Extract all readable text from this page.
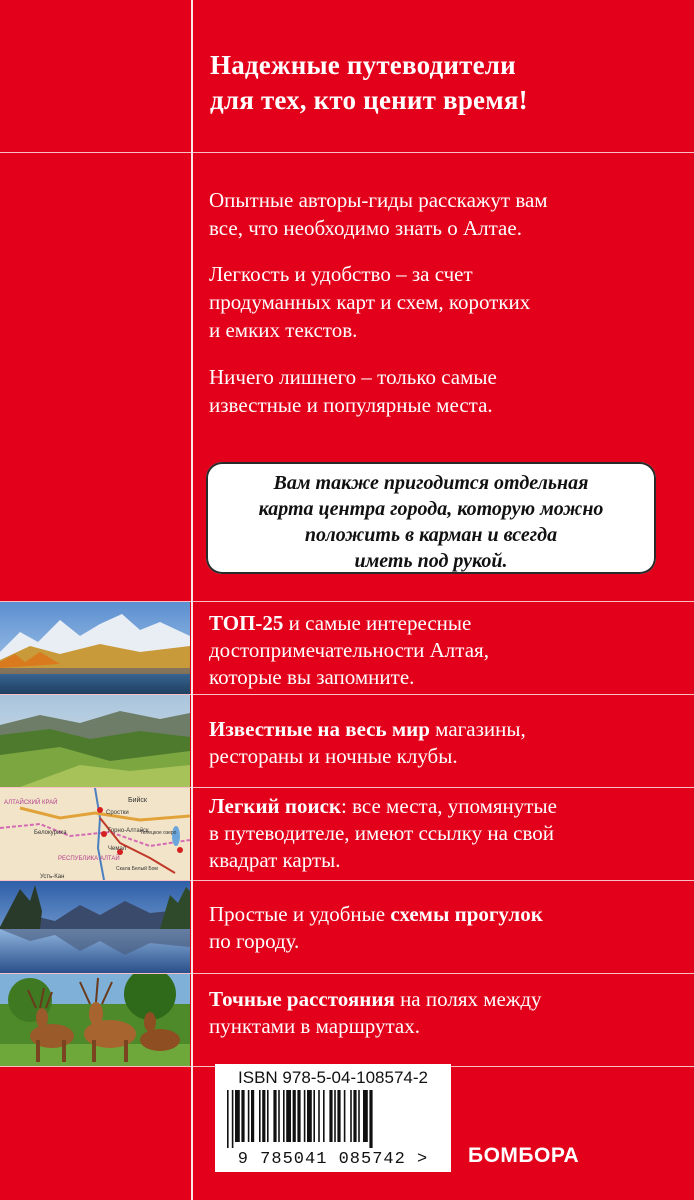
Надежные путеводители
для тех, кто ценит время!
Опытные авторы-гиды расскажут вам
все, что необходимо знать о Алтае.
Легкость и удобство – за счет
продуманных карт и схем, коротких
и емких текстов.
Ничего лишнего – только самые
известные и популярные места.

Вам также пригодится отдельная
карта центра города, которую можно
положить в карман и всегда
иметь под рукой.

АЛТАЙСКИЙ КРАЙ	Бийск
Сростки
Белокуриха	Горно-Алтайск
Телецкое озеро
РЕСПУБЛИКА АЛТАЙ
Скала Белый Бом
Чемал
Усть-Кан
ТОП-25 и самые интересные
достопримечательности Алтая,
которые вы запомните.
Известные на весь мир магазины,
рестораны и ночные клубы.
Легкий поиск: все места, упомянутые
в путеводителе, имеют ссылку на свой
квадрат карты.
Простые и удобные схемы прогулок
по городу.
Точные расстояния на полях между
пунктами в маршрутах.
ISBN 978-5-04-108574-2
9 785041 085742 >	БОМБОРА
